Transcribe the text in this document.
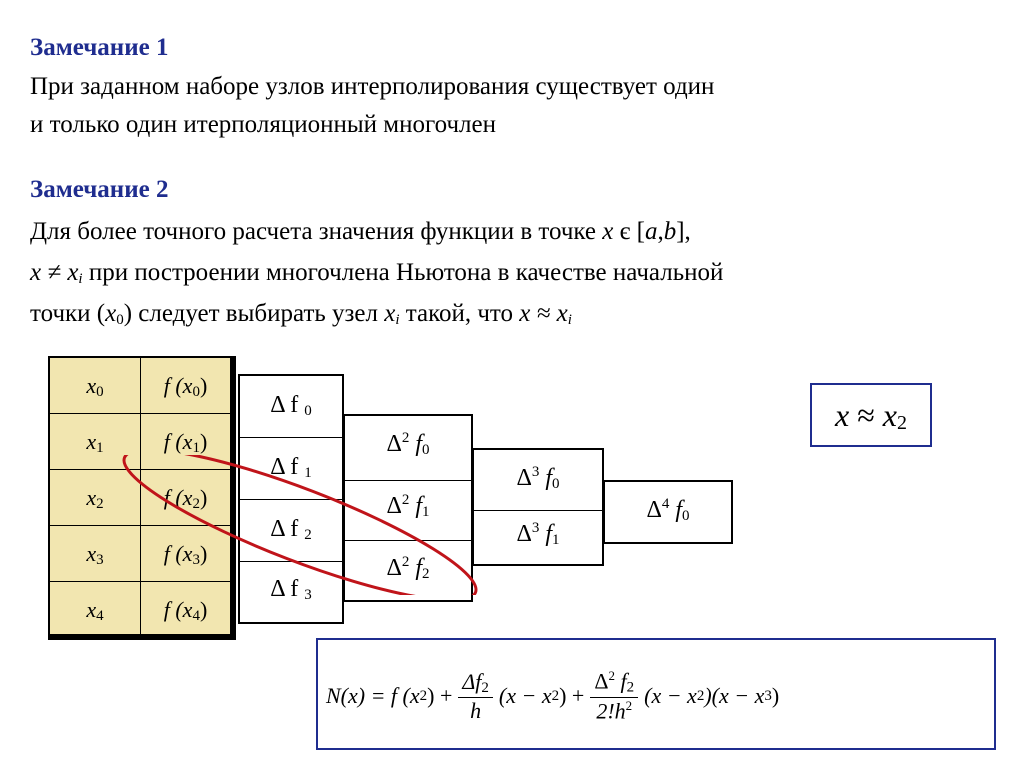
Замечание 1
При заданном наборе узлов интерполирования существует один
и только один итерполяционный многочлен
Замечание 2
Для более точного расчета значения функции в точке x є [a,b],
$x \ne x_i$ при построении многочлена Ньютона в качестве начальной
точки $(x_0)$ следует выбирать узел $x_i$ такой, что $x \approx x_i$
$x_0$	f $(x_0)$
$x_1$	f $(x_1)$
$x_2$	f $(x_2)$
$x_3$	f $(x_3)$
$x_4$	f $(x_4)$
Δ f $_0$
Δ f $_1$
Δ f $_2$
Δ f $_3$
$\Delta^2$ $f_0$
$\Delta^2$ $f_1$
$\Delta^2$ $f_2$
$\Delta^3$ $f_0$
$\Delta^3$ $f_1$
$\Delta^4$ $f_0$
$x \approx x_2$
N(x) = f (x 2 ) + $\frac{\Delta f_2}{h} (x - x$ 2 ) + $\frac{\Delta^2 f_2}{2!h^2} (x - x$ 2 )(x − x 3 )
